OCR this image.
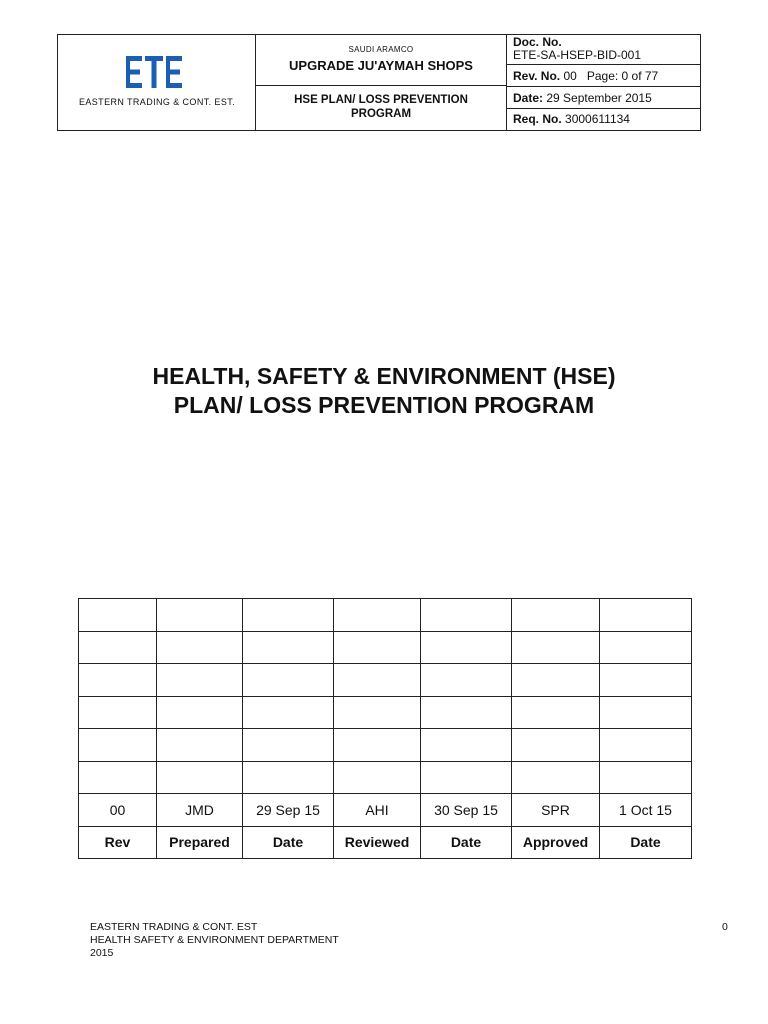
EASTERN TRADING & CONT. EST.
SAUDI ARAMCO
UPGRADE JU'AYMAH SHOPS
HSE PLAN/ LOSS PREVENTION PROGRAM
Doc. No.
ETE-SA-HSEP-BID-001
Rev. No. 00 Page: 0 of 77
Date: 29 September 2015
Req. No. 3000611134
HEALTH, SAFETY & ENVIRONMENT (HSE)
PLAN/ LOSS PREVENTION PROGRAM

00	JMD	29 Sep 15	AHI	30 Sep 15	SPR	1 Oct 15
Rev	Prepared	Date	Reviewed	Date	Approved	Date
EASTERN TRADING & CONT. EST
HEALTH SAFETY & ENVIRONMENT DEPARTMENT
2015
0
